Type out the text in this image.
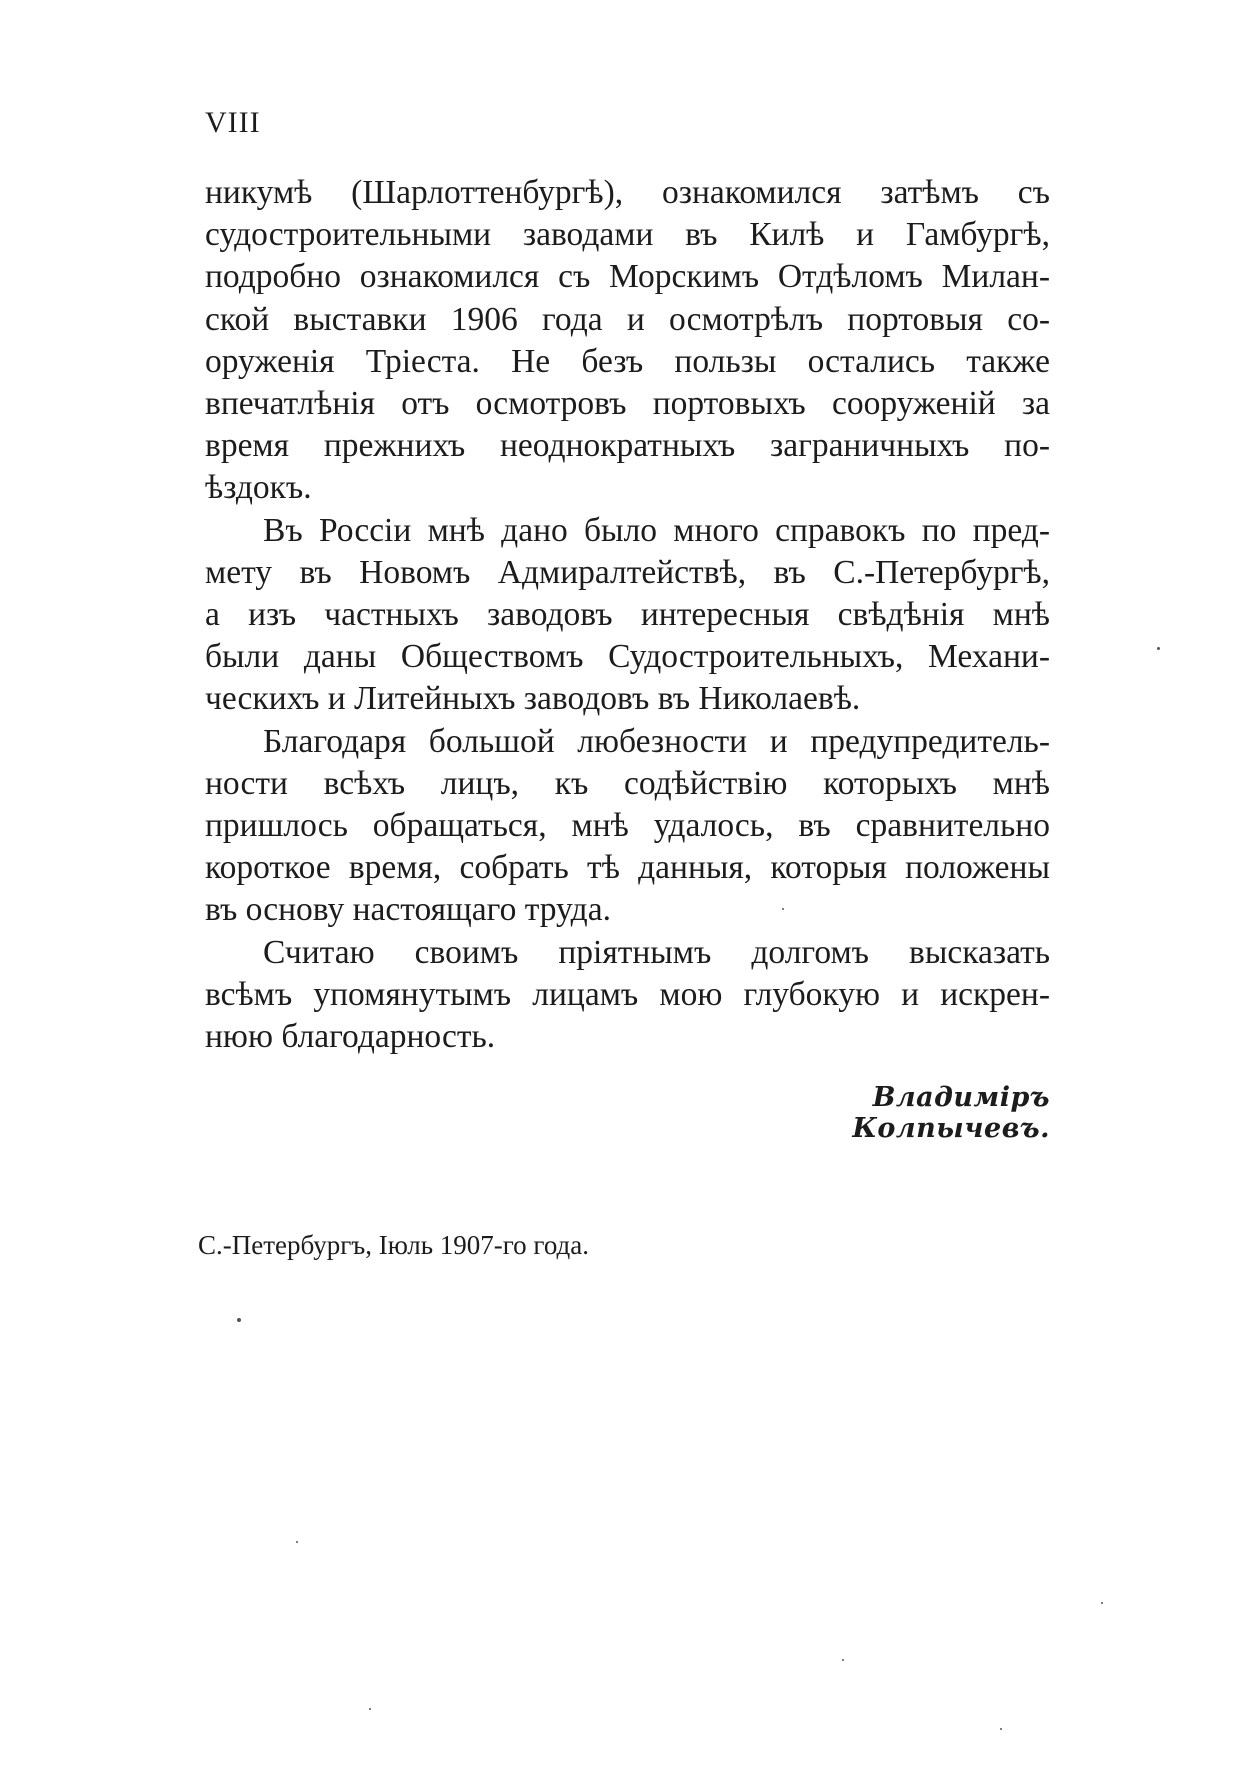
VIII

никумѣ (Шарлоттенбургѣ), ознакомился затѣмъ съ
судостроительными заводами въ Килѣ и Гамбургѣ,
подробно ознакомился съ Морскимъ Отдѣломъ Милан-
ской выставки 1906 года и осмотрѣлъ портовыя со-
оруженія Тріеста. Не безъ пользы остались также
впечатлѣнія отъ осмотровъ портовыхъ сооруженій за
время прежнихъ неоднократныхъ заграничныхъ по-
ѣздокъ.

Въ Россіи мнѣ дано было много справокъ по пред-
мету въ Новомъ Адмиралтействѣ, въ С.-Петербургѣ,
а изъ частныхъ заводовъ интересныя свѣдѣнія мнѣ
были даны Обществомъ Судостроительныхъ, Механи-
ческихъ и Литейныхъ заводовъ въ Николаевѣ.

Благодаря большой любезности и предупредитель-
ности всѣхъ лицъ, къ содѣйствію которыхъ мнѣ
пришлось обращаться, мнѣ удалось, въ сравнительно
короткое время, собрать тѣ данныя, которыя положены
въ основу настоящаго труда.

Считаю своимъ пріятнымъ долгомъ высказать
всѣмъ упомянутымъ лицамъ мою глубокую и искрен-
нюю благодарность.

Владиміръ Колпычевъ.
С.-Петербургъ, Іюль 1907-го года.
